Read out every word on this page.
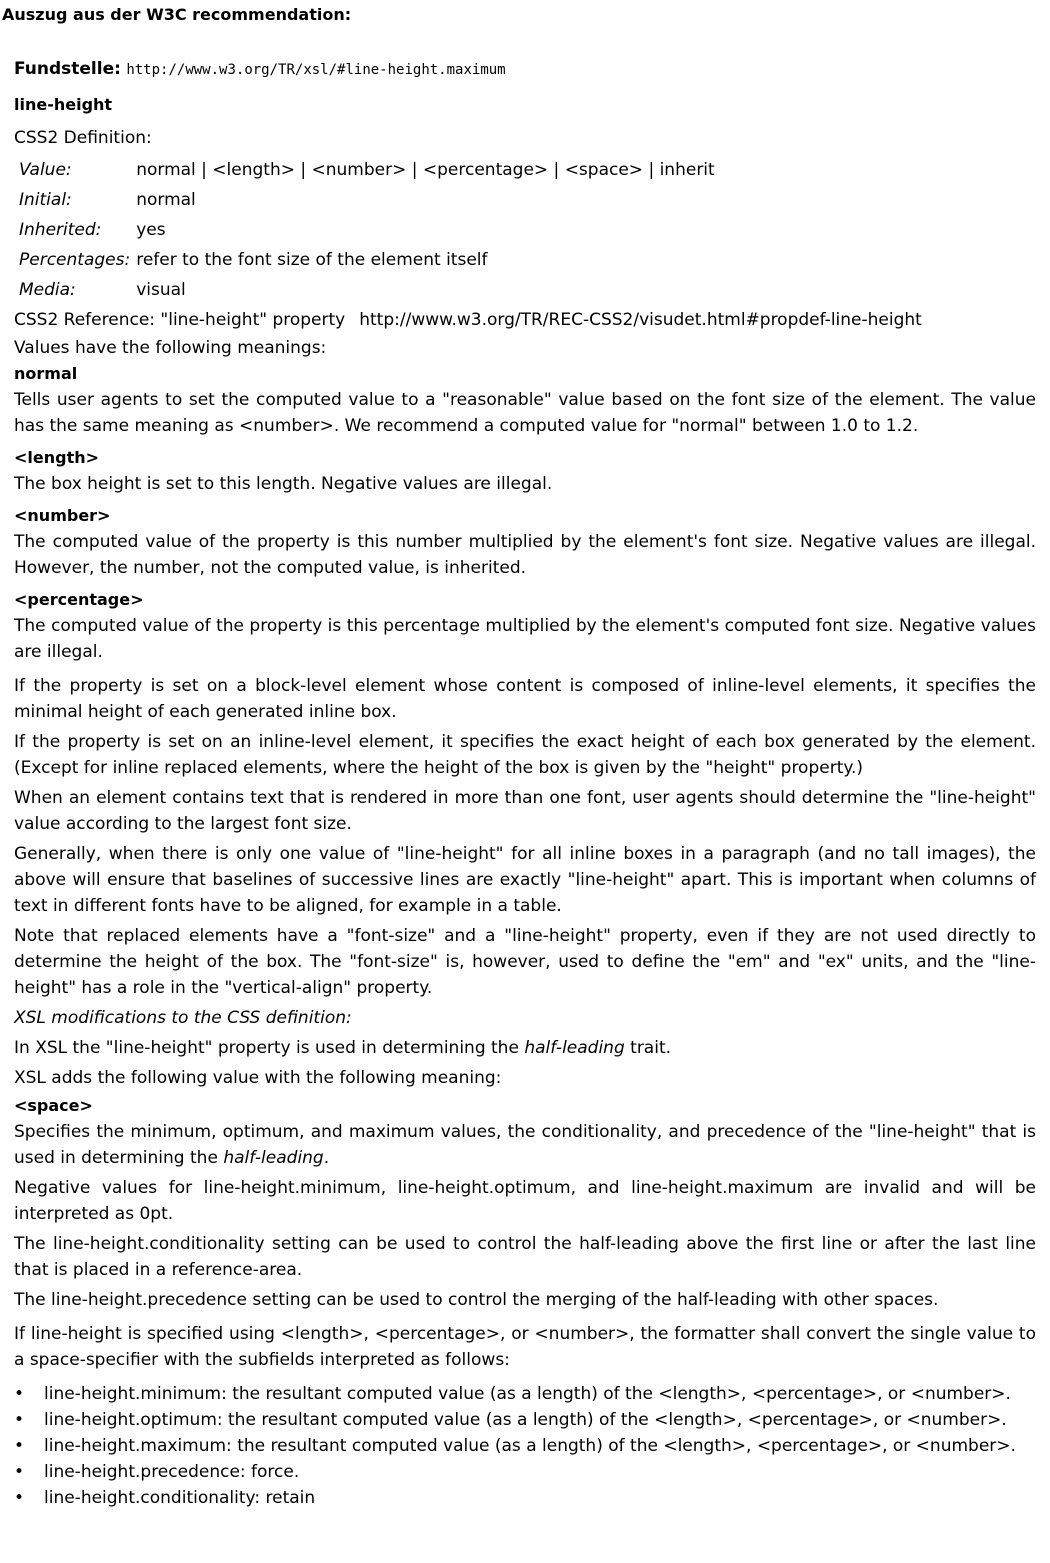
Auszug aus der W3C recommendation:
Fundstelle: http://www.w3.org/TR/xsl/#line-height.maximum
line-height
CSS2 Definition:
Value:	normal | <length> | <number> | <percentage> | <space> | inherit
Initial:	normal
Inherited:	yes
Percentages:	refer to the font size of the element itself
Media:	visual
CSS2 Reference: "line-height" property http://www.w3.org/TR/REC-CSS2/visudet.html#propdef-line-height

Values have the following meanings:

normal

Tells user agents to set the computed value to a "reasonable" value based on the font size of the element. The value has the same meaning as <number>. We recommend a computed value for "normal" between 1.0 to 1.2.

<length>

The box height is set to this length. Negative values are illegal.

<number>

The computed value of the property is this number multiplied by the element's font size. Negative values are illegal. However, the number, not the computed value, is inherited.

<percentage>

The computed value of the property is this percentage multiplied by the element's computed font size. Negative values are illegal.

If the property is set on a block-level element whose content is composed of inline-level elements, it specifies the minimal height of each generated inline box.

If the property is set on an inline-level element, it specifies the exact height of each box generated by the element. (Except for inline replaced elements, where the height of the box is given by the "height" property.)

When an element contains text that is rendered in more than one font, user agents should determine the "line-height" value according to the largest font size.

Generally, when there is only one value of "line-height" for all inline boxes in a paragraph (and no tall images), the above will ensure that baselines of successive lines are exactly "line-height" apart. This is important when columns of text in different fonts have to be aligned, for example in a table.

Note that replaced elements have a "font-size" and a "line-height" property, even if they are not used directly to determine the height of the box. The "font-size" is, however, used to define the "em" and "ex" units, and the "line-height" has a role in the "vertical-align" property.

XSL modifications to the CSS definition:

In XSL the "line-height" property is used in determining the half-leading trait.

XSL adds the following value with the following meaning:

<space>

Specifies the minimum, optimum, and maximum values, the conditionality, and precedence of the "line-height" that is used in determining the half-leading.

Negative values for line-height.minimum, line-height.optimum, and line-height.maximum are invalid and will be interpreted as 0pt.

The line-height.conditionality setting can be used to control the half-leading above the first line or after the last line that is placed in a reference-area.

The line-height.precedence setting can be used to control the merging of the half-leading with other spaces.

If line-height is specified using <length>, <percentage>, or <number>, the formatter shall convert the single value to a space-specifier with the subfields interpreted as follows:

• line-height.minimum: the resultant computed value (as a length) of the <length>, <percentage>, or <number>.
• line-height.optimum: the resultant computed value (as a length) of the <length>, <percentage>, or <number>.
• line-height.maximum: the resultant computed value (as a length) of the <length>, <percentage>, or <number>.
• line-height.precedence: force.
• line-height.conditionality: retain
